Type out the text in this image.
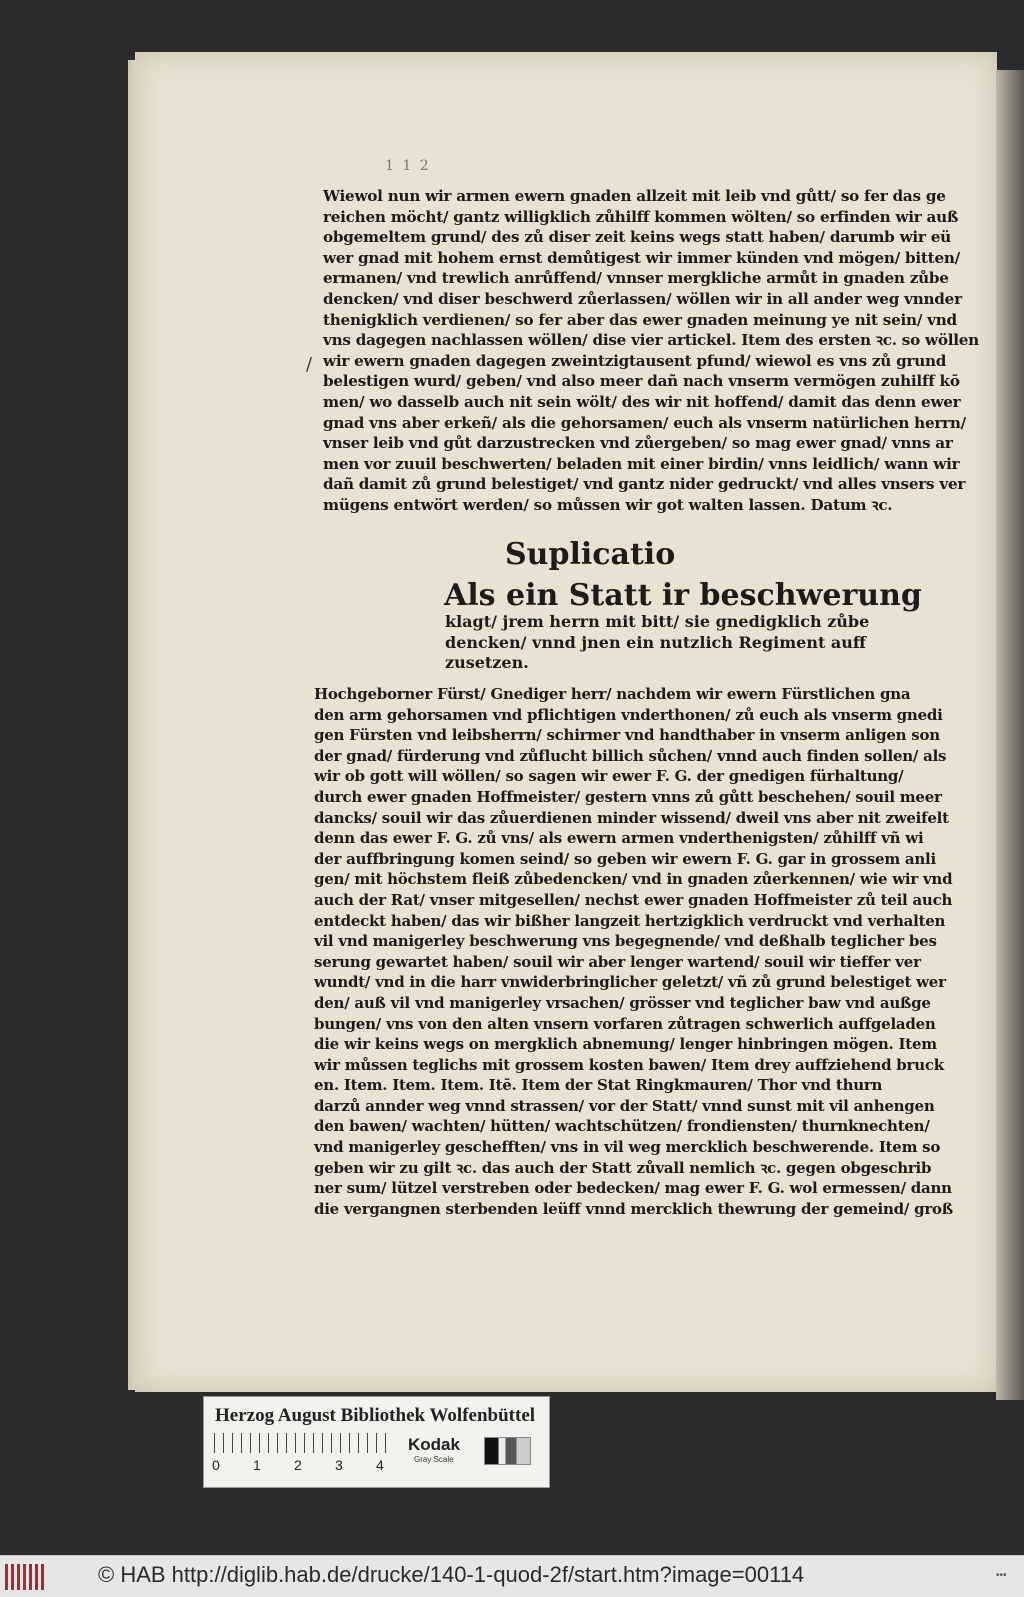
1 1 2
/
Wiewol nun wir armen ewern gnaden allzeit mit leib vnd gůtt/ so fer das ge
reichen möcht/ gantz willigklich zůhilff kommen wölten/ so erfinden wir auß
obgemeltem grund/ des zů diser zeit keins wegs statt haben/ darumb wir eü
wer gnad mit hohem ernst demůtigest wir immer künden vnd mögen/ bitten/
ermanen/ vnd trewlich anrůffend/ vnnser mergkliche armůt in gnaden zůbe
dencken/ vnd diser beschwerd zůerlassen/ wöllen wir in all ander weg vnnder
thenigklich verdienen/ so fer aber das ewer gnaden meinung ye nit sein/ vnd
vns dagegen nachlassen wöllen/ dise vier artickel. Item des ersten ꝛc. so wöllen
wir ewern gnaden dagegen zweintzigtausent pfund/ wiewol es vns zů grund
belestigen wurd/ geben/ vnd also meer dañ nach vnserm vermögen zuhilff kō
men/ wo dasselb auch nit sein wölt/ des wir nit hoffend/ damit das denn ewer
gnad vns aber erkeñ/ als die gehorsamen/ euch als vnserm natürlichen herrn/
vnser leib vnd gůt darzustrecken vnd zůergeben/ so mag ewer gnad/ vnns ar
men vor zuuil beschwerten/ beladen mit einer birdin/ vnns leidlich/ wann wir
dañ damit zů grund belestiget/ vnd gantz nider gedruckt/ vnd alles vnsers ver
mügens entwört werden/ so můssen wir got walten lassen. Datum ꝛc.
Suplicatio
Als ein Statt ir beschwerung
klagt/ jrem herrn mit bitt/ sie gnedigklich zůbe
dencken/ vnnd jnen ein nutzlich Regiment auff
zusetzen.
Hochgeborner Fürst/ Gnediger herr/ nachdem wir ewern Fürstlichen gna
den arm gehorsamen vnd pflichtigen vnderthonen/ zů euch als vnserm gnedi
gen Fürsten vnd leibsherrn/ schirmer vnd handthaber in vnserm anligen son
der gnad/ fürderung vnd zůflucht billich sůchen/ vnnd auch finden sollen/ als
wir ob gott will wöllen/ so sagen wir ewer F. G. der gnedigen fürhaltung/
durch ewer gnaden Hoffmeister/ gestern vnns zů gůtt beschehen/ souil meer
dancks/ souil wir das zůuerdienen minder wissend/ dweil vns aber nit zweifelt
denn das ewer F. G. zů vns/ als ewern armen vnderthenigsten/ zůhilff vñ wi
der auffbringung komen seind/ so geben wir ewern F. G. gar in grossem anli
gen/ mit höchstem fleiß zůbedencken/ vnd in gnaden zůerkennen/ wie wir vnd
auch der Rat/ vnser mitgesellen/ nechst ewer gnaden Hoffmeister zů teil auch
entdeckt haben/ das wir bißher langzeit hertzigklich verdruckt vnd verhalten
vil vnd manigerley beschwerung vns begegnende/ vnd deßhalb teglicher bes
serung gewartet haben/ souil wir aber lenger wartend/ souil wir tieffer ver
wundt/ vnd in die harr vnwiderbringlicher geletzt/ vñ zů grund belestiget wer
den/ auß vil vnd manigerley vrsachen/ grösser vnd teglicher baw vnd außge
bungen/ vns von den alten vnsern vorfaren zůtragen schwerlich auffgeladen
die wir keins wegs on mergklich abnemung/ lenger hinbringen mögen. Item
wir můssen teglichs mit grossem kosten bawen/ Item drey auffziehend bruck
en. Item. Item. Item. Itē. Item der Stat Ringkmauren/ Thor vnd thurn
darzů annder weg vnnd strassen/ vor der Statt/ vnnd sunst mit vil anhengen
den bawen/ wachten/ hütten/ wachtschützen/ frondiensten/ thurnknechten/
vnd manigerley geschefften/ vns in vil weg mercklich beschwerende. Item so
geben wir zu gilt ꝛc. das auch der Statt zůvall nemlich ꝛc. gegen obgeschrib
ner sum/ lützel verstreben oder bedecken/ mag ewer F. G. wol ermessen/ dann
die vergangnen sterbenden leüff vnnd mercklich thewrung der gemeind/ groß
Herzog August Bibliothek Wolfenbüttel
0 1 2 3 4
Kodak
Gray Scale
© HAB http://diglib.hab.de/drucke/140-1-quod-2f/start.htm?image=00114	•••
